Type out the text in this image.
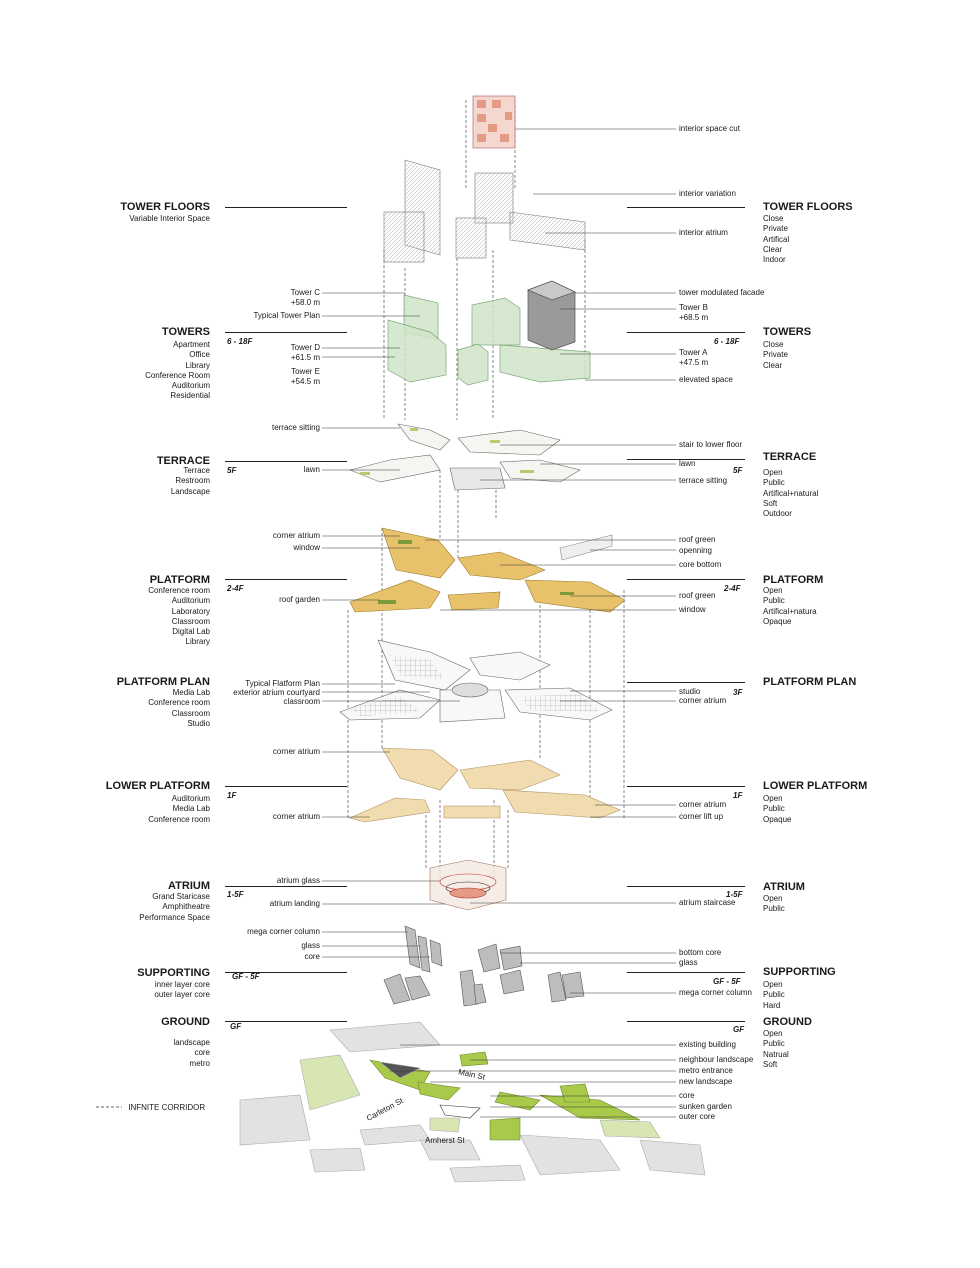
TOWER FLOORS
Variable Interior Space
TOWERS
Apartment
Office
Library
Conference Room
Auditorium
Residential
6 - 18F
TERRACE
Terrace
Restroom
Landscape
5F
PLATFORM
Conference room
Auditorium
Laboratory
Classroom
Digital Lab
Library
2-4F
PLATFORM PLAN
Media Lab
Conference room
Classroom
Studio
LOWER PLATFORM
Auditorium
Media Lab
Conference room
1F
ATRIUM
Grand Staricase
Amphitheatre
Performance Space
1-5F
SUPPORTING
inner layer core
outer layer core
GF - 5F
GROUND
landscape
core
metro
GF
TOWER FLOORS
Close
Private
Artifical
Clear
Indoor
TOWERS
Close
Private
Clear
6 - 18F
TERRACE
Open
Public
Artifical+natural
Soft
Outdoor
5F
PLATFORM
Open
Public
Artifical+natura
Opaque
2-4F
PLATFORM PLAN
3F
LOWER PLATFORM
Open
Public
Opaque
1F
ATRIUM
Open
Public
1-5F
SUPPORTING
Open
Public
Hard
GF - 5F
GROUND
Open
Public
Natrual
Soft
GF
terrace sitting
lawn
corner atrium
window
roof garden
Typical Flatform Plan
exterior atrium courtyard
classroom
corner atrium
corner atrium
atrium glass
atrium landing
mega corner column
glass
core
Tower C
+58.0 m
Typical Tower Plan
Tower D
+61.5 m
Tower E
+54.5 m
interior space cut
interior variation
interior atrium
tower modulated facade
Tower B
+68.5 m
Tower A
+47.5 m
elevated space
stair to lower floor
lawn
terrace sitting
roof green
openning
core bottom
roof green
window
studio
corner atrium
corner atrium
corner lift up
atrium staircase
bottom core
glass
mega corner column
existing building
neighbour landscape
metro entrance
new landscape
core
sunken garden
outer core
Main St
Carleton St
Amherst St
INFNITE CORRIDOR
